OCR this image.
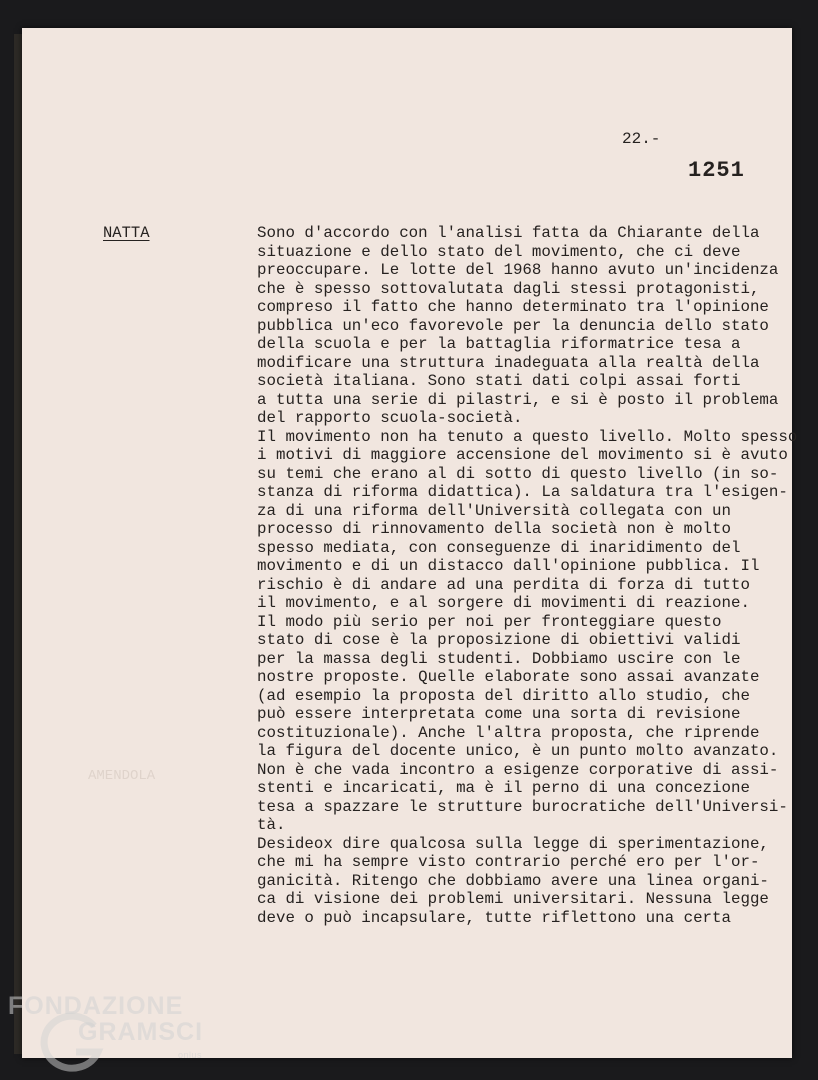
AMENDOLA
22.-
1251
NATTA	Sono d'accordo con l'analisi fatta da Chiarante della
situazione e dello stato del movimento, che ci deve
preoccupare. Le lotte del 1968 hanno avuto un'incidenza
che è spesso sottovalutata dagli stessi protagonisti,
compreso il fatto che hanno determinato tra l'opinione
pubblica un'eco favorevole per la denuncia dello stato
della scuola e per la battaglia riformatrice tesa a
modificare una struttura inadeguata alla realtà della
società italiana. Sono stati dati colpi assai forti
a tutta una serie di pilastri, e si è posto il problema
del rapporto scuola-società.
Il movimento non ha tenuto a questo livello. Molto spesso
i motivi di maggiore accensione del movimento si è avuto
su temi che erano al di sotto di questo livello (in so-
stanza di riforma didattica). La saldatura tra l'esigen-
za di una riforma dell'Università collegata con un
processo di rinnovamento della società non è molto
spesso mediata, con conseguenze di inaridimento del
movimento e di un distacco dall'opinione pubblica. Il
rischio è di andare ad una perdita di forza di tutto
il movimento, e al sorgere di movimenti di reazione.
Il modo più serio per noi per fronteggiare questo
stato di cose è la proposizione di obiettivi validi
per la massa degli studenti. Dobbiamo uscire con le
nostre proposte. Quelle elaborate sono assai avanzate
(ad esempio la proposta del diritto allo studio, che
può essere interpretata come una sorta di revisione
costituzionale). Anche l'altra proposta, che riprende
la figura del docente unico, è un punto molto avanzato.
Non è che vada incontro a esigenze corporative di assi-
stenti e incaricati, ma è il perno di una concezione
tesa a spazzare le strutture burocratiche dell'Universi-
tà.
Desideox dire qualcosa sulla legge di sperimentazione,
che mi ha sempre visto contrario perché ero per l'or-
ganicità. Ritengo che dobbiamo avere una linea organi-
ca di visione dei problemi universitari. Nessuna legge
deve o può incapsulare, tutte riflettono una certa
FONDAZIONE
GRAMSCI
onlus
